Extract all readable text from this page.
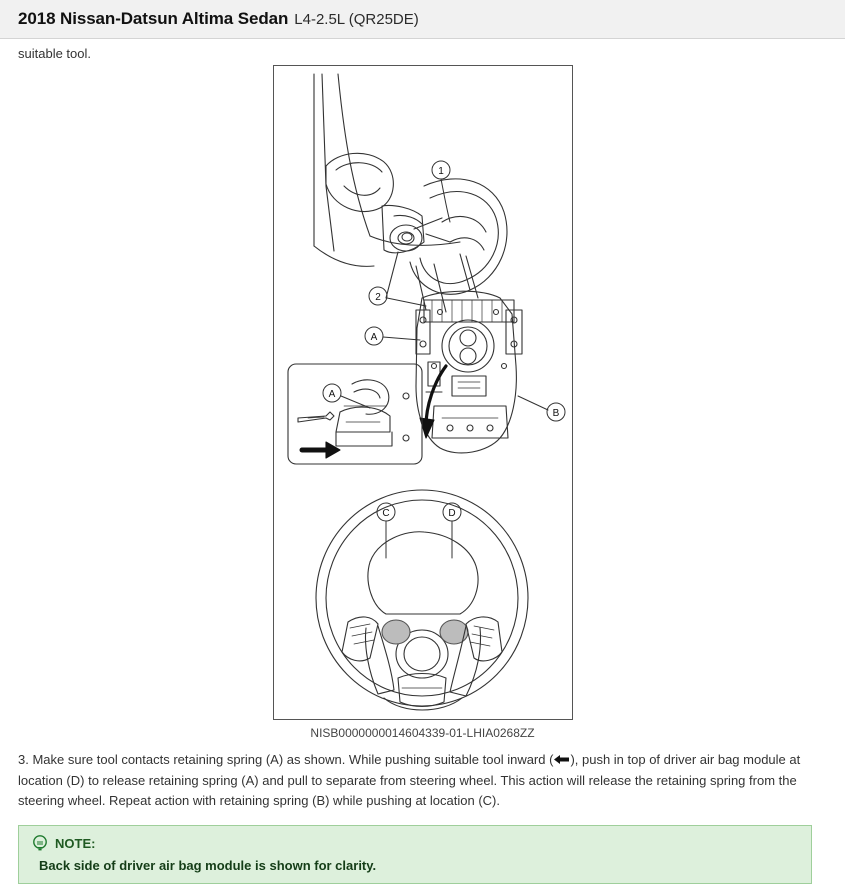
2018 Nissan-Datsun Altima Sedan L4-2.5L (QR25DE)
suitable tool.
1
2
A
A
B
C	D
NISB0000000014604339-01-LHIA0268ZZ

3. Make sure tool contacts retaining spring (A) as shown. While pushing suitable tool inward ( ), push in top of driver air bag module at location (D) to release retaining spring (A) and pull to separate from steering wheel. This action will release the retaining spring from the steering wheel. Repeat action with retaining spring (B) while pushing at location (C).

NOTE:
Back side of driver air bag module is shown for clarity.
